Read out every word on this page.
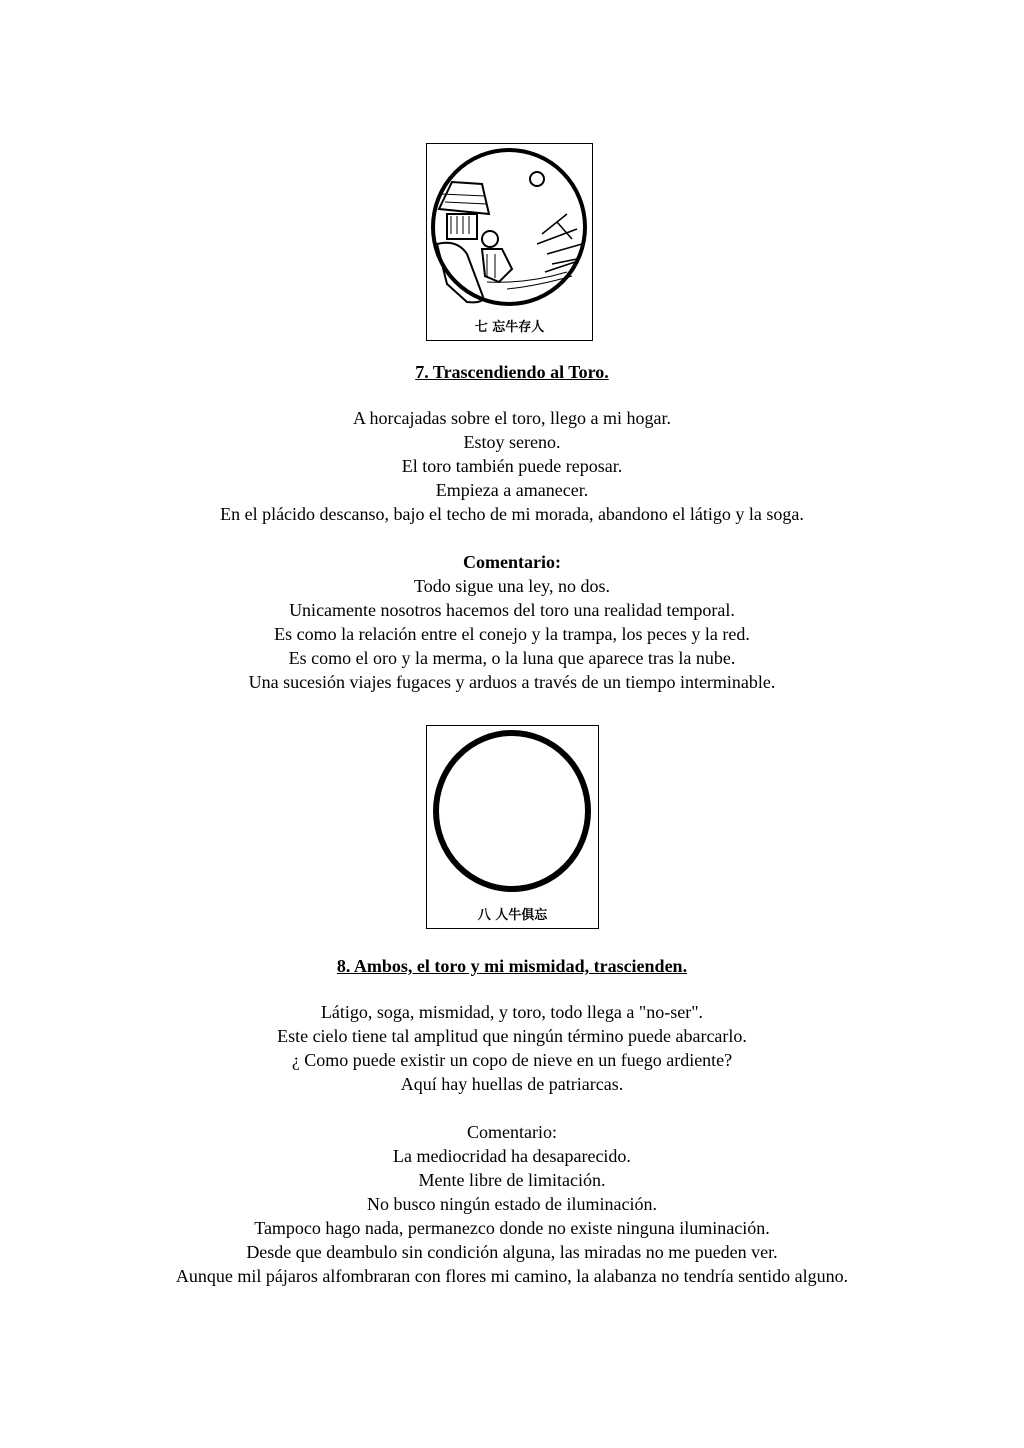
七 忘牛存人
7. Trascendiendo al Toro.
A horcajadas sobre el toro, llego a mi hogar.
Estoy sereno.
El toro también puede reposar.
Empieza a amanecer.
En el plácido descanso, bajo el techo de mi morada, abandono el látigo y la soga.
Comentario:
Todo sigue una ley, no dos.
Unicamente nosotros hacemos del toro una realidad temporal.
Es como la relación entre el conejo y la trampa, los peces y la red.
Es como el oro y la merma, o la luna que aparece tras la nube.
Una sucesión viajes fugaces y arduos a través de un tiempo interminable.
八 人牛俱忘
8. Ambos, el toro y mi mismidad, trascienden.
Látigo, soga, mismidad, y toro, todo llega a "no-ser".
Este cielo tiene tal amplitud que ningún término puede abarcarlo.
¿ Como puede existir un copo de nieve en un fuego ardiente?
Aquí hay huellas de patriarcas.
Comentario:
La mediocridad ha desaparecido.
Mente libre de limitación.
No busco ningún estado de iluminación.
Tampoco hago nada, permanezco donde no existe ninguna iluminación.
Desde que deambulo sin condición alguna, las miradas no me pueden ver.
Aunque mil pájaros alfombraran con flores mi camino, la alabanza no tendría sentido alguno.
